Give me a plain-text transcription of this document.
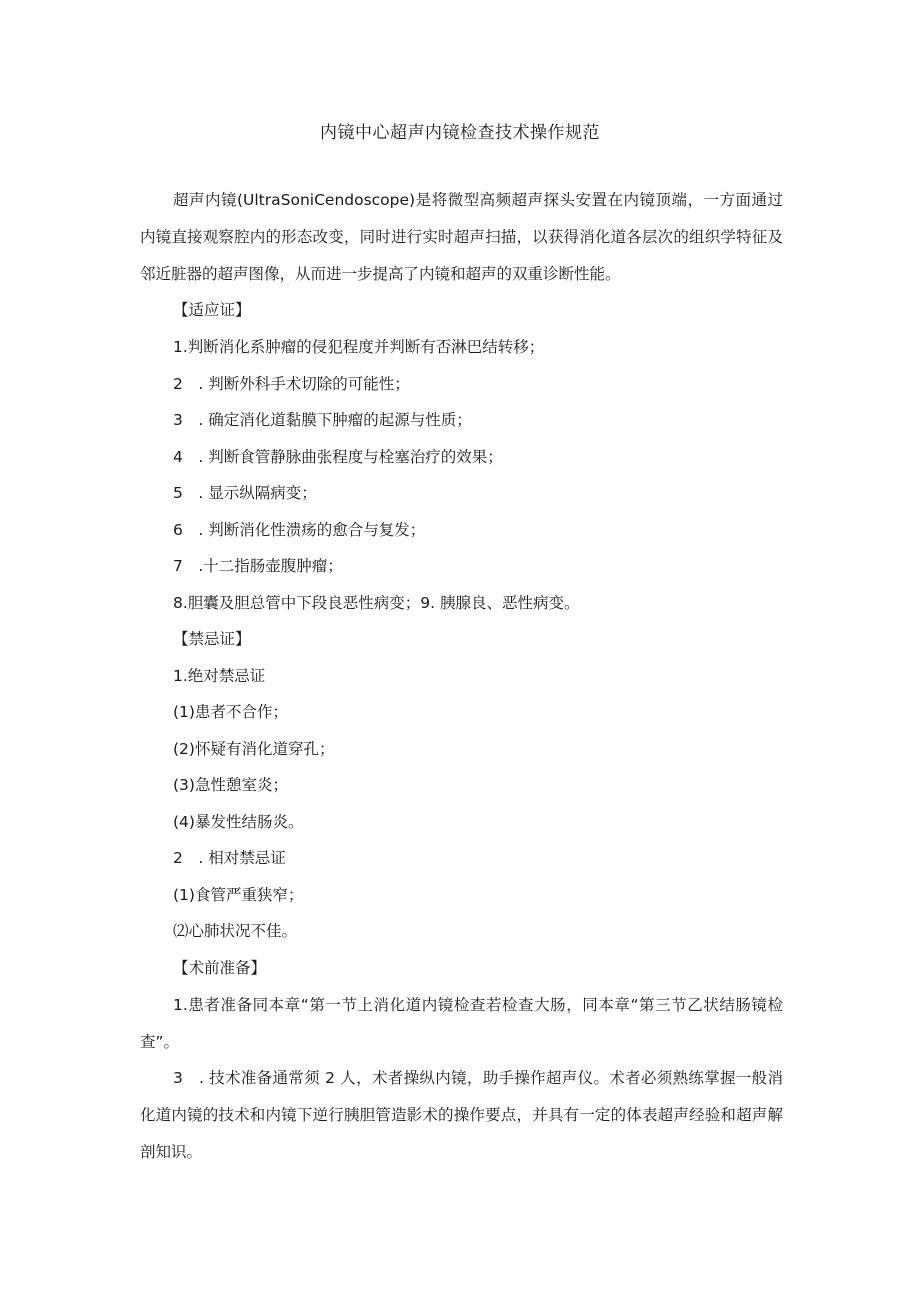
内镜中心超声内镜检查技术操作规范

超声内镜(UltraSoniCendoscope)是将微型高频超声探头安置在内镜顶端，一方面通过内镜直接观察腔内的形态改变，同时进行实时超声扫描，以获得消化道各层次的组织学特征及邻近脏器的超声图像，从而进一步提高了内镜和超声的双重诊断性能。

【适应证】
1.判断消化系肿瘤的侵犯程度并判断有否淋巴结转移；
2　. 判断外科手术切除的可能性；
3　. 确定消化道黏膜下肿瘤的起源与性质；
4　. 判断食管静脉曲张程度与栓塞治疗的效果；
5　. 显示纵隔病变；
6　. 判断消化性溃疡的愈合与复发；
7　.十二指肠壶腹肿瘤；
8.胆囊及胆总管中下段良恶性病变；9. 胰腺良、恶性病变。
【禁忌证】
1.绝对禁忌证
(1)患者不合作；
(2)怀疑有消化道穿孔；
(3)急性憩室炎；
(4)暴发性结肠炎。
2　. 相对禁忌证
(1)食管严重狭窄；
⑵心肺状况不佳。
【术前准备】

1.患者准备同本章“第一节上消化道内镜检查若检查大肠，同本章“第三节乙状结肠镜检查”。

3　. 技术准备通常须 2 人，术者操纵内镜，助手操作超声仪。术者必须熟练掌握一般消化道内镜的技术和内镜下逆行胰胆管造影术的操作要点，并具有一定的体表超声经验和超声解剖知识。
